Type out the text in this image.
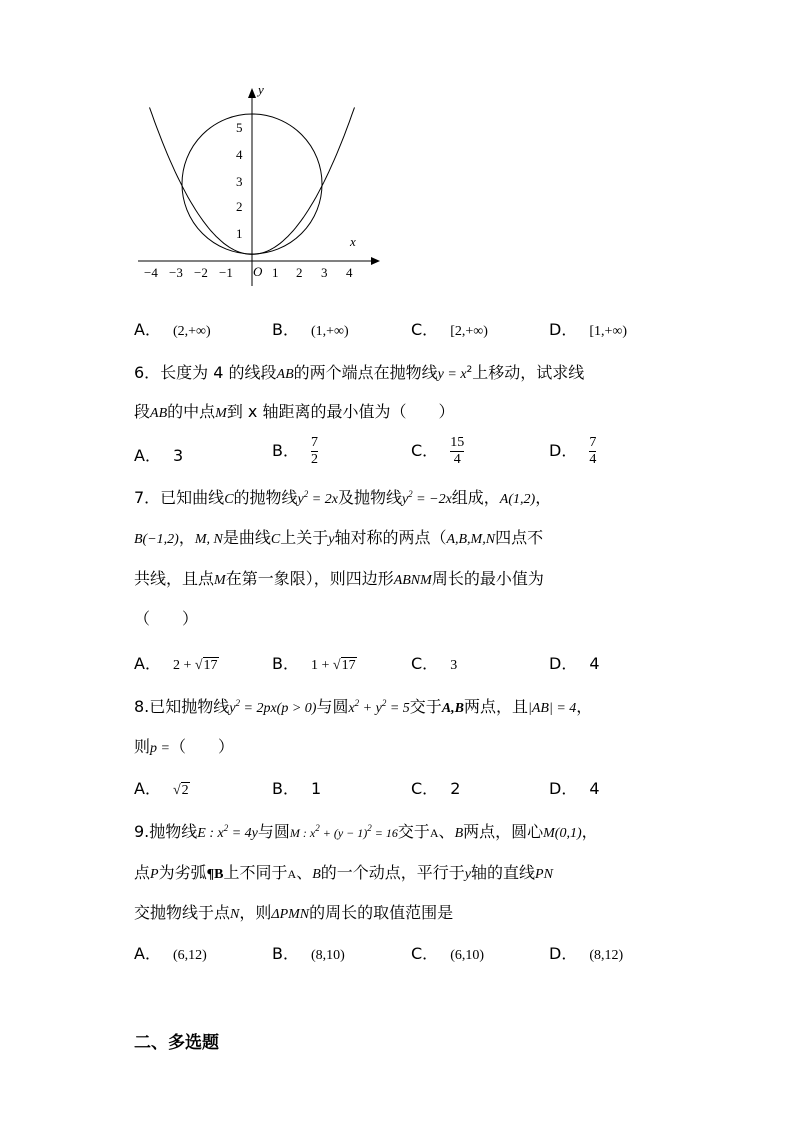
y
x
O
−4 −3 −2 −1	1 2 3 4
1
2
3
4
5
A． (2,+∞)	B． (1,+∞)	C． [2,+∞)	D． [1,+∞)
6．长度为 4 的线段AB的两个端点在抛物线$y = x^2$上移动，试求线
段AB的中点M到 x 轴距离的最小值为（　　）
A． 3	B． $\frac{7}{2}$	C． $\frac{15}{4}$	D． $\frac{7}{4}$
7．已知曲线C的抛物线$y^2 = 2x$及抛物线$y^2 = -2x$组成，A(1,2)，
B(−1,2)，M, N是曲线C上关于y轴对称的两点（A,B,M,N四点不
共线，且点M在第一象限），则四边形ABNM周长的最小值为
（　　）
A． 2 + √17	B． 1 + √17	C． 3	D． 4
8.已知抛物线$y^2 = 2px(p > 0)$与圆$x^2 + y^2 = 5$交于A,B两点，且|AB| = 4，
则p =（　　）
A． √2	B． 1	C． 2	D． 4
9.抛物线E : $x^2 = 4y$与圆M : $x^2 + (y - 1)^2 = 16$交于A、B两点，圆心M(0,1)，
点P为劣弧¶B上不同于A、B的一个动点，平行于y轴的直线PN
交抛物线于点N，则ΔPMN的周长的取值范围是
A． (6,12)	B． (8,10)	C． (6,10)	D． (8,12)
二、多选题
